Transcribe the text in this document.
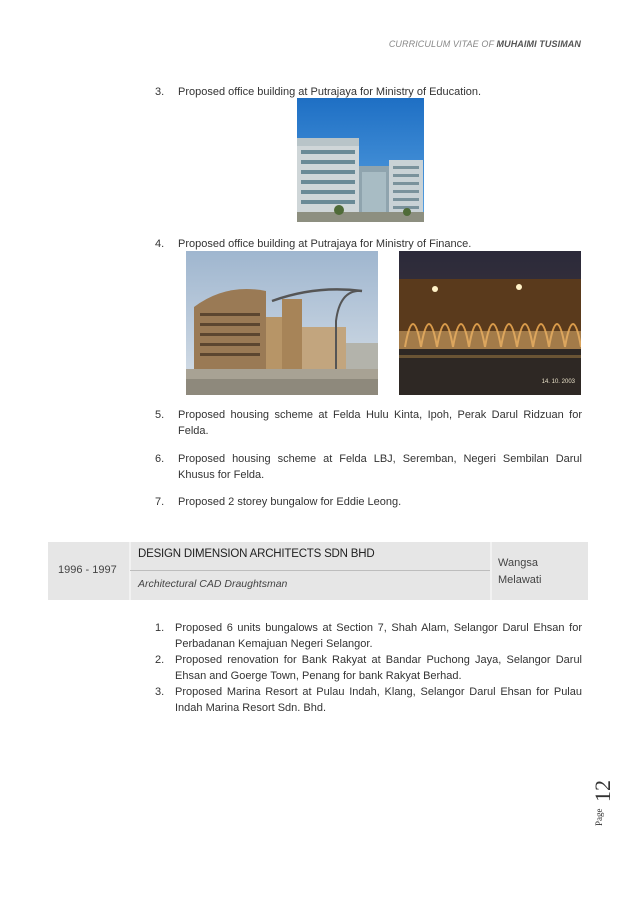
CURRICULUM VITAE OF MUHAIMI TUSIMAN
3. Proposed office building at Putrajaya for Ministry of Education.
4. Proposed office building at Putrajaya for Ministry of Finance.
14. 10. 2003
5. Proposed housing scheme at Felda Hulu Kinta, Ipoh, Perak Darul Ridzuan for Felda.
6. Proposed housing scheme at Felda LBJ, Seremban, Negeri Sembilan Darul Khusus for Felda.
7. Proposed 2 storey bungalow for Eddie Leong.
1996 - 1997
DESIGN DIMENSION ARCHITECTS SDN BHD
Architectural CAD Draughtsman
Wangsa Melawati
1. Proposed 6 units bungalows at Section 7, Shah Alam, Selangor Darul Ehsan for Perbadanan Kemajuan Negeri Selangor.
2. Proposed renovation for Bank Rakyat at Bandar Puchong Jaya, Selangor Darul Ehsan and Goerge Town, Penang for bank Rakyat Berhad.
3. Proposed Marina Resort at Pulau Indah, Klang, Selangor Darul Ehsan for Pulau Indah Marina Resort Sdn. Bhd.
Page
12
